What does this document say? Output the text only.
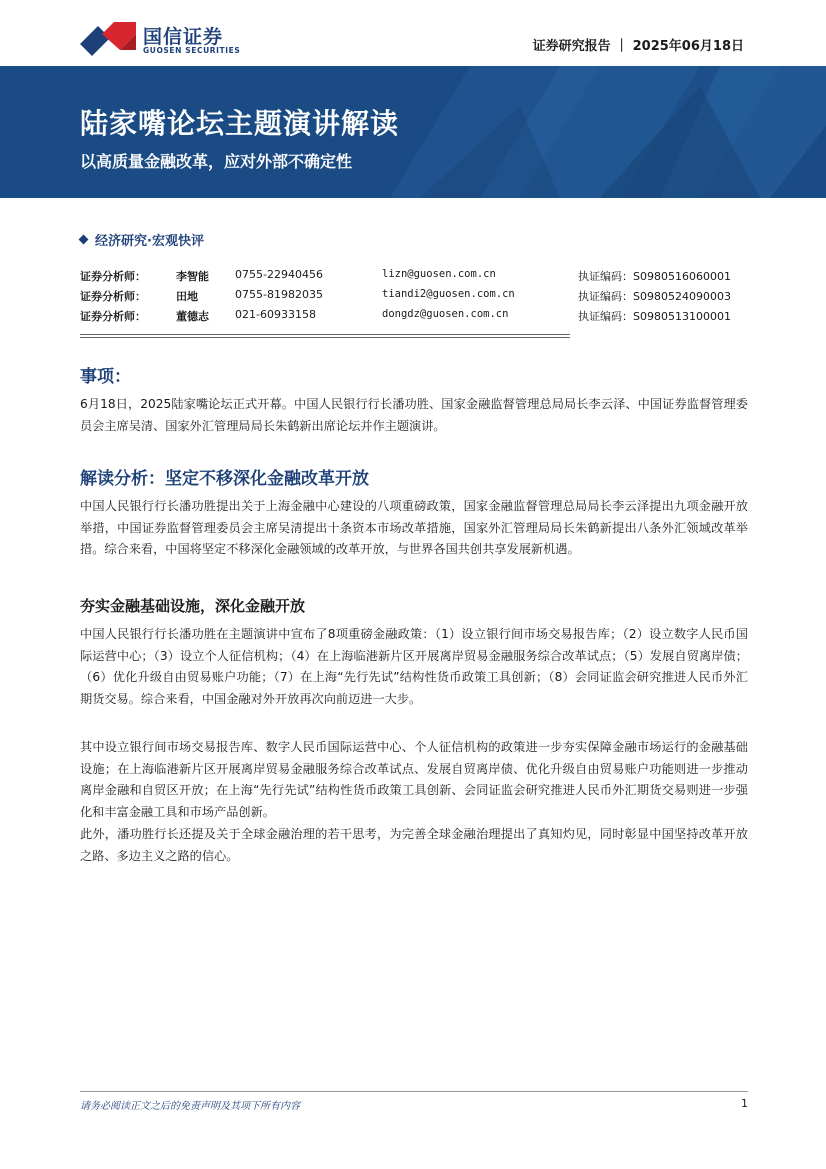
国信证券
GUOSEN SECURITIES	证券研究报告 ｜ 2025年06月18日
陆家嘴论坛主题演讲解读
以高质量金融改革，应对外部不确定性
经济研究·宏观快评
证券分析师：	李智能 0755-22940456	lizn@guosen.com.cn	执证编码：S0980516060001
证券分析师：	田地	0755-81982035	tiandi2@guosen.com.cn	执证编码：S0980524090003
证券分析师：	董德志 021-60933158	dongdz@guosen.com.cn	执证编码：S0980513100001
事项：
6月18日，2025陆家嘴论坛正式开幕。中国人民银行行长潘功胜、国家金融监督管理总局局长李云泽、中国证券监督管理委员会主席吴清、国家外汇管理局局长朱鹤新出席论坛并作主题演讲。
解读分析：坚定不移深化金融改革开放
中国人民银行行长潘功胜提出关于上海金融中心建设的八项重磅政策，国家金融监督管理总局局长李云泽提出九项金融开放举措，中国证券监督管理委员会主席吴清提出十条资本市场改革措施，国家外汇管理局局长朱鹤新提出八条外汇领域改革举措。综合来看，中国将坚定不移深化金融领域的改革开放，与世界各国共创共享发展新机遇。
夯实金融基础设施，深化金融开放
中国人民银行行长潘功胜在主题演讲中宣布了8项重磅金融政策：（1）设立银行间市场交易报告库；（2）设立数字人民币国际运营中心；（3）设立个人征信机构；（4）在上海临港新片区开展离岸贸易金融服务综合改革试点；（5）发展自贸离岸债；（6）优化升级自由贸易账户功能；（7）在上海“先行先试”结构性货币政策工具创新；（8）会同证监会研究推进人民币外汇期货交易。综合来看，中国金融对外开放再次向前迈进一大步。
其中设立银行间市场交易报告库、数字人民币国际运营中心、个人征信机构的政策进一步夯实保障金融市场运行的金融基础设施；在上海临港新片区开展离岸贸易金融服务综合改革试点、发展自贸离岸债、优化升级自由贸易账户功能则进一步推动离岸金融和自贸区开放；在上海“先行先试”结构性货币政策工具创新、会同证监会研究推进人民币外汇期货交易则进一步强化和丰富金融工具和市场产品创新。
此外，潘功胜行长还提及关于全球金融治理的若干思考，为完善全球金融治理提出了真知灼见，同时彰显中国坚持改革开放之路、多边主义之路的信心。
请务必阅读正文之后的免责声明及其项下所有内容	1
